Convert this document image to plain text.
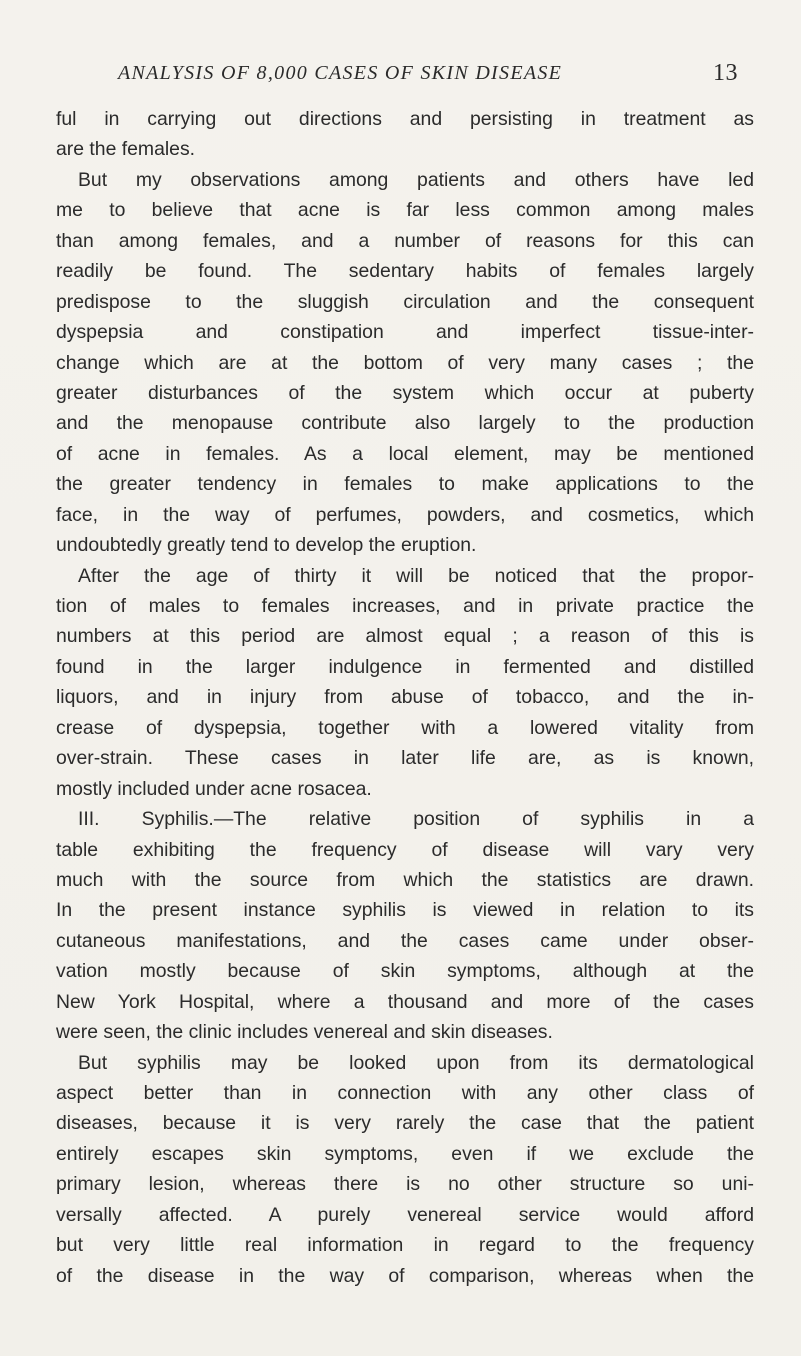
ANALYSIS OF 8,000 CASES OF SKIN DISEASE	13
ful in carrying out directions and persisting in treatment as
are the females.
But my observations among patients and others have led
me to believe that acne is far less common among males
than among females, and a number of reasons for this can
readily be found. The sedentary habits of females largely
predispose to the sluggish circulation and the consequent
dyspepsia and constipation and imperfect tissue-inter-
change which are at the bottom of very many cases ; the
greater disturbances of the system which occur at puberty
and the menopause contribute also largely to the production
of acne in females. As a local element, may be mentioned
the greater tendency in females to make applications to the
face, in the way of perfumes, powders, and cosmetics, which
undoubtedly greatly tend to develop the eruption.
After the age of thirty it will be noticed that the propor-
tion of males to females increases, and in private practice the
numbers at this period are almost equal ; a reason of this is
found in the larger indulgence in fermented and distilled
liquors, and in injury from abuse of tobacco, and the in-
crease of dyspepsia, together with a lowered vitality from
over-strain. These cases in later life are, as is known,
mostly included under acne rosacea.
III. Syphilis.—The relative position of syphilis in a
table exhibiting the frequency of disease will vary very
much with the source from which the statistics are drawn.
In the present instance syphilis is viewed in relation to its
cutaneous manifestations, and the cases came under obser-
vation mostly because of skin symptoms, although at the
New York Hospital, where a thousand and more of the cases
were seen, the clinic includes venereal and skin diseases.
But syphilis may be looked upon from its dermatological
aspect better than in connection with any other class of
diseases, because it is very rarely the case that the patient
entirely escapes skin symptoms, even if we exclude the
primary lesion, whereas there is no other structure so uni-
versally affected. A purely venereal service would afford
but very little real information in regard to the frequency
of the disease in the way of comparison, whereas when the
